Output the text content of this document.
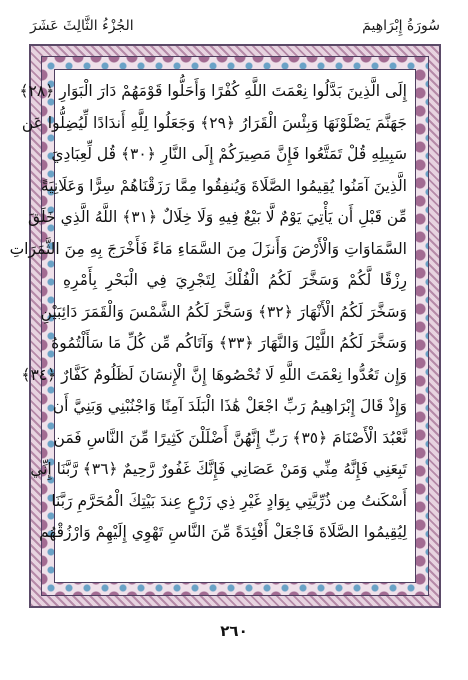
سُورَةُ إِبْرَاهِيمَ
الجُزْءُ الثَّالِثَ عَشَرَ
إِلَى الَّذِينَ بَدَّلُوا نِعْمَتَ اللَّهِ كُفْرًا وَأَحَلُّوا قَوْمَهُمْ دَارَ الْبَوَارِ ﴿٢٨﴾
جَهَنَّمَ يَصْلَوْنَهَا وَبِئْسَ الْقَرَارُ ﴿٢٩﴾ وَجَعَلُوا لِلَّهِ أَندَادًا لِّيُضِلُّوا عَن
سَبِيلِهِ قُلْ تَمَتَّعُوا فَإِنَّ مَصِيرَكُمْ إِلَى النَّارِ ﴿٣٠﴾ قُل لِّعِبَادِيَ
الَّذِينَ آمَنُوا يُقِيمُوا الصَّلَاةَ وَيُنفِقُوا مِمَّا رَزَقْنَاهُمْ سِرًّا وَعَلَانِيَةً
مِّن قَبْلِ أَن يَأْتِيَ يَوْمٌ لَّا بَيْعٌ فِيهِ وَلَا خِلَالٌ ﴿٣١﴾ اللَّهُ الَّذِي خَلَقَ
السَّمَاوَاتِ وَالْأَرْضَ وَأَنزَلَ مِنَ السَّمَاءِ مَاءً فَأَخْرَجَ بِهِ مِنَ الثَّمَرَاتِ
رِزْقًا لَّكُمْ وَسَخَّرَ لَكُمُ الْفُلْكَ لِتَجْرِيَ فِي الْبَحْرِ بِأَمْرِهِ
وَسَخَّرَ لَكُمُ الْأَنْهَارَ ﴿٣٢﴾ وَسَخَّرَ لَكُمُ الشَّمْسَ وَالْقَمَرَ دَائِبَيْنِ
وَسَخَّرَ لَكُمُ اللَّيْلَ وَالنَّهَارَ ﴿٣٣﴾ وَآتَاكُم مِّن كُلِّ مَا سَأَلْتُمُوهُ
وَإِن تَعُدُّوا نِعْمَتَ اللَّهِ لَا تُحْصُوهَا إِنَّ الْإِنسَانَ لَظَلُومٌ كَفَّارٌ ﴿٣٤﴾
وَإِذْ قَالَ إِبْرَاهِيمُ رَبِّ اجْعَلْ هَٰذَا الْبَلَدَ آمِنًا وَاجْنُبْنِي وَبَنِيَّ أَن
نَّعْبُدَ الْأَصْنَامَ ﴿٣٥﴾ رَبِّ إِنَّهُنَّ أَضْلَلْنَ كَثِيرًا مِّنَ النَّاسِ فَمَن
تَبِعَنِي فَإِنَّهُ مِنِّي وَمَنْ عَصَانِي فَإِنَّكَ غَفُورٌ رَّحِيمٌ ﴿٣٦﴾ رَّبَّنَا إِنِّي
أَسْكَنتُ مِن ذُرِّيَّتِي بِوَادٍ غَيْرِ ذِي زَرْعٍ عِندَ بَيْتِكَ الْمُحَرَّمِ رَبَّنَا
لِيُقِيمُوا الصَّلَاةَ فَاجْعَلْ أَفْئِدَةً مِّنَ النَّاسِ تَهْوِي إِلَيْهِمْ وَارْزُقْهُم
٢٦٠
